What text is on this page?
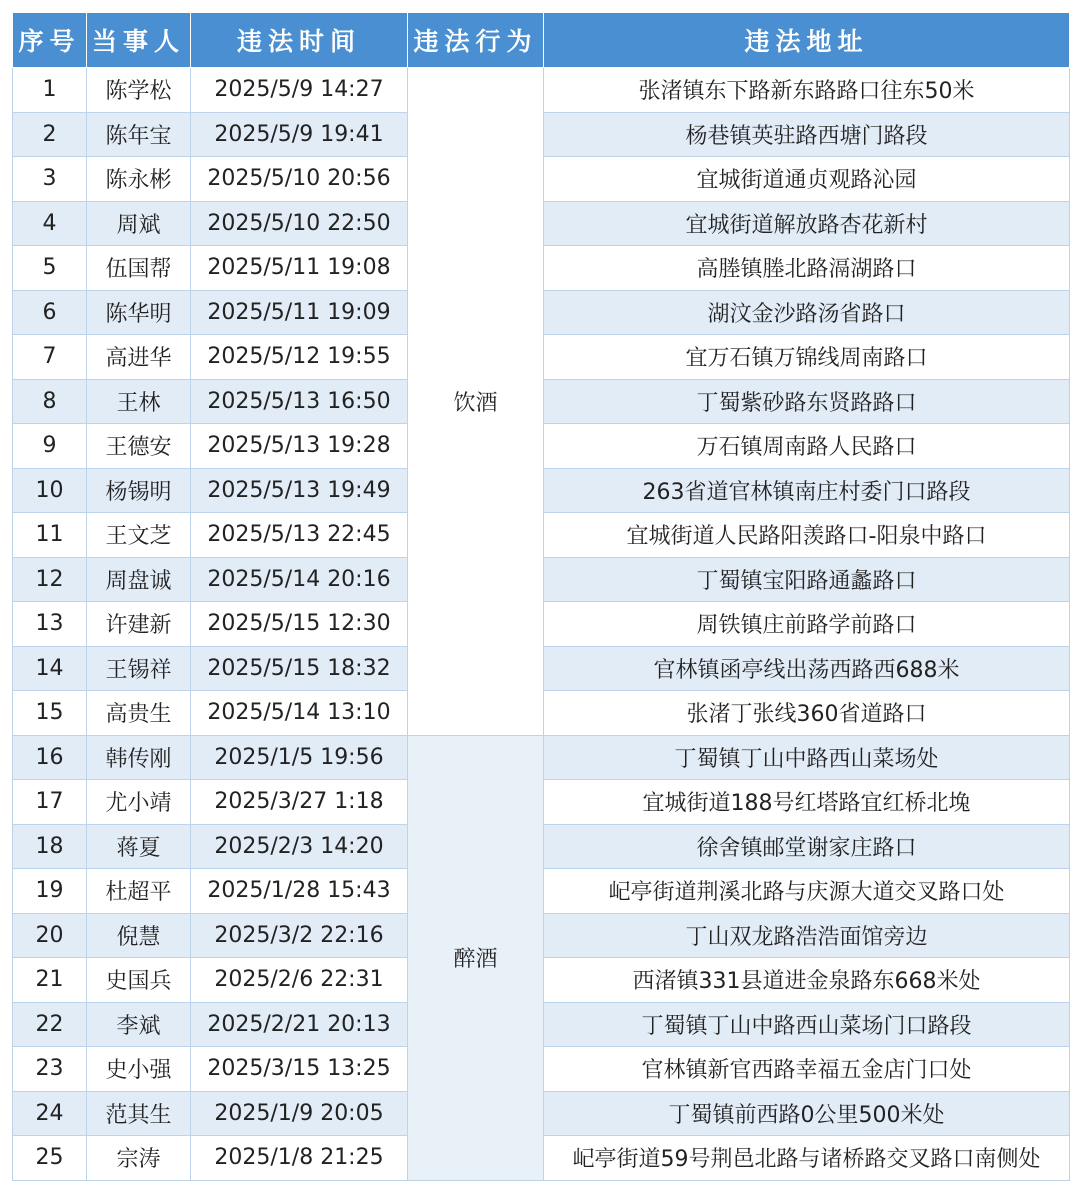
序号	当事人	违法时间	违法行为	违法地址
1	陈学松	2025/5/9 14:27	饮酒	张渚镇东下路新东路路口往东50米
2	陈年宝	2025/5/9 19:41		杨巷镇英驻路西塘门路段
3	陈永彬	2025/5/10 20:56		宜城街道通贞观路沁园
4	周斌	2025/5/10 22:50		宜城街道解放路杏花新村
5	伍国帮	2025/5/11 19:08		高塍镇塍北路滆湖路口
6	陈华明	2025/5/11 19:09		湖汶金沙路汤省路口
7	高进华	2025/5/12 19:55		宜万石镇万锦线周南路口
8	王林	2025/5/13 16:50		丁蜀紫砂路东贤路路口
9	王德安	2025/5/13 19:28		万石镇周南路人民路口
10	杨锡明	2025/5/13 19:49		263省道官林镇南庄村委门口路段
11	王文芝	2025/5/13 22:45		宜城街道人民路阳羡路口-阳泉中路口
12	周盘诚	2025/5/14 20:16		丁蜀镇宝阳路通蠡路口
13	许建新	2025/5/15 12:30		周铁镇庄前路学前路口
14	王锡祥	2025/5/15 18:32		官林镇函亭线出荡西路西688米
15	高贵生	2025/5/14 13:10		张渚丁张线360省道路口
16	韩传刚	2025/1/5 19:56	醉酒	丁蜀镇丁山中路西山菜场处
17	尤小靖	2025/3/27 1:18		宜城街道188号红塔路宜红桥北堍
18	蒋夏	2025/2/3 14:20		徐舍镇邮堂谢家庄路口
19	杜超平	2025/1/28 15:43		屺亭街道荆溪北路与庆源大道交叉路口处
20	倪慧	2025/3/2 22:16		丁山双龙路浩浩面馆旁边
21	史国兵	2025/2/6 22:31		西渚镇331县道进金泉路东668米处
22	李斌	2025/2/21 20:13		丁蜀镇丁山中路西山菜场门口路段
23	史小强	2025/3/15 13:25		官林镇新官西路幸福五金店门口处
24	范其生	2025/1/9 20:05		丁蜀镇前西路0公里500米处
25	宗涛	2025/1/8 21:25		屺亭街道59号荆邑北路与诸桥路交叉路口南侧处
